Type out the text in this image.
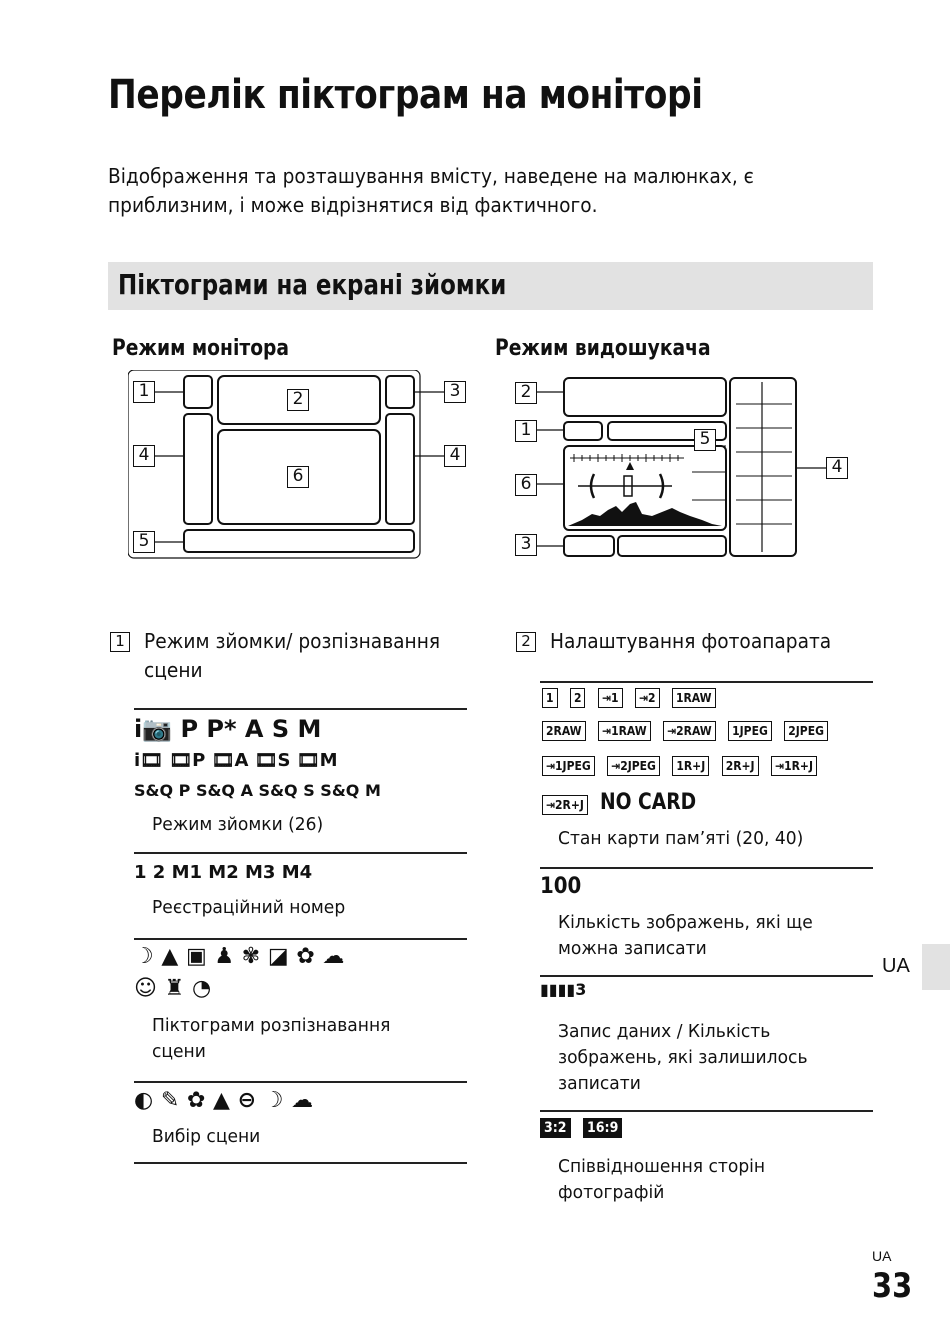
Перелік піктограм на моніторі
Відображення та розташування вмісту, наведене на малюнках, є приблизним, і може відрізнятися від фактичного.
Піктограми на екрані зйомки
Режим монітора	Режим видошукача
1	2	3
4	4
5
6
2
1	5
6
3
4
1 Режим зйомки/ розпізнавання сцени
i📷 P P* A S M
i🎞 🎞P 🎞A 🎞S 🎞M
S&Q P S&Q A S&Q S S&Q M
Режим зйомки (26)
1 2 M1 M2 M3 M4
Реєстраційний номер
☽ ▲ ▣ ♟ ✾ ◪ ✿ ☁
☺ ♜ ◔
Піктограми розпізнавання сцени
◐ ✎ ✿ ▲ ⊖ ☽ ☁
Вибір сцени
2 Налаштування фотоапарата
1 2 ⇥1 ⇥2 1RAW
2RAW ⇥1RAW ⇥2RAW 1JPEG 2JPEG
⇥1JPEG ⇥2JPEG 1R+J 2R+J ⇥1R+J
⇥2R+J NO CARD
Стан карти пам’яті (20, 40)
100
Кількість зображень, які ще можна записати
▮▮▮▮3
Запис даних / Кількість зображень, які залишилось записати
3:2 16:9
Співвідношення сторін фотографій
UA
UA
33
